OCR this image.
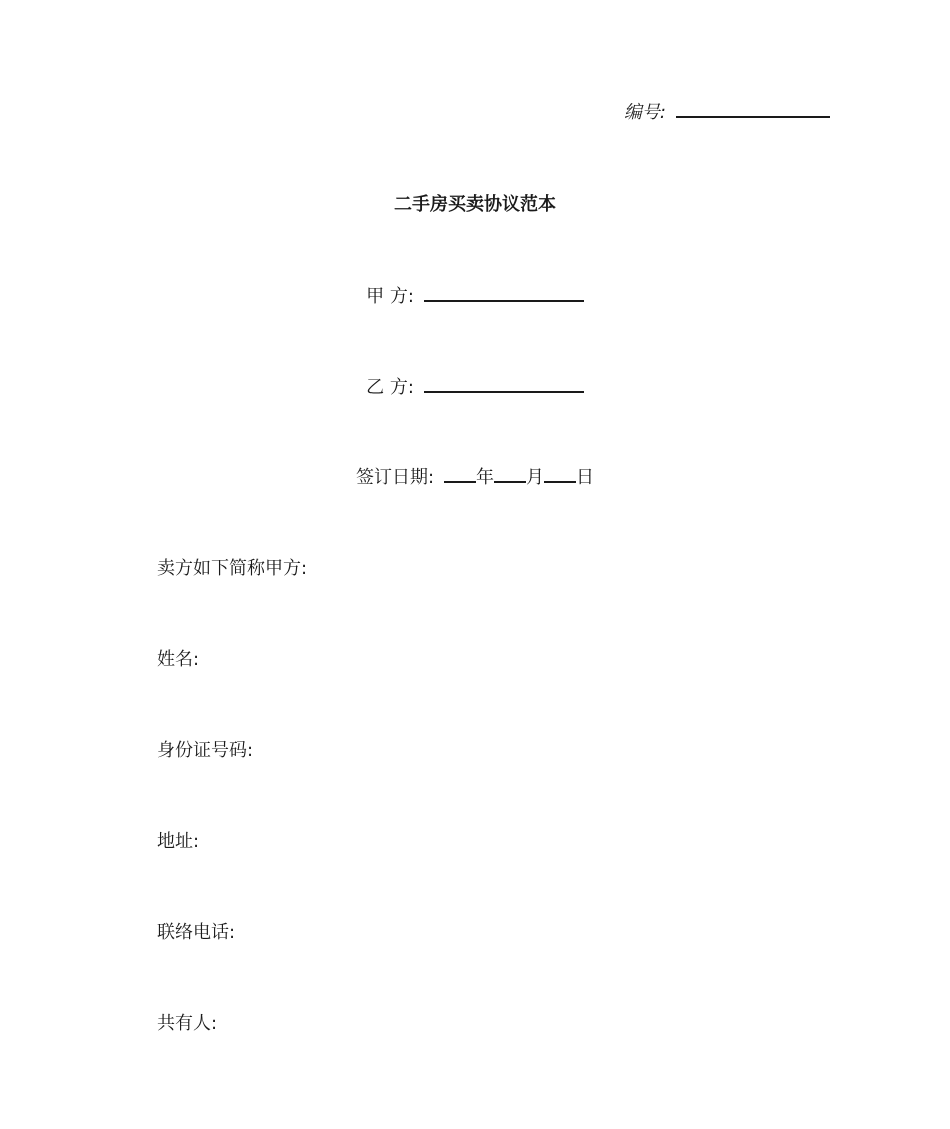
编号:
二手房买卖协议范本
甲 方:
乙 方:
签订日期: 年 月 日
卖方如下简称甲方:
姓名:
身份证号码:
地址:
联络电话:
共有人:
